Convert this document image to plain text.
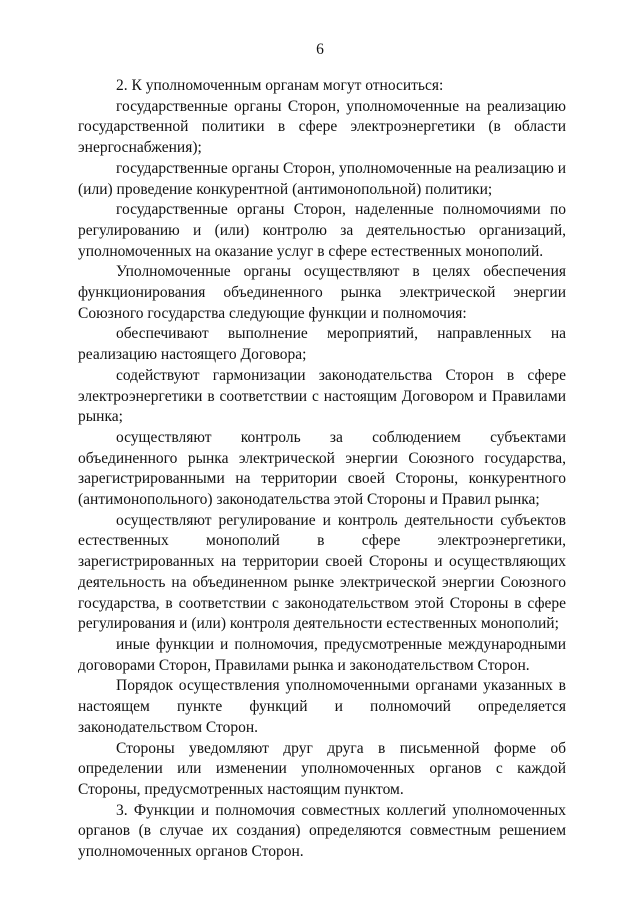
6

2. К уполномоченным органам могут относиться:

государственные органы Сторон, уполномоченные на реализацию государственной политики в сфере электроэнергетики (в области энергоснабжения);

государственные органы Сторон, уполномоченные на реализацию и (или) проведение конкурентной (антимонопольной) политики;

государственные органы Сторон, наделенные полномочиями по регулированию и (или) контролю за деятельностью организаций, уполномоченных на оказание услуг в сфере естественных монополий.

Уполномоченные органы осуществляют в целях обеспечения функционирования объединенного рынка электрической энергии Союзного государства следующие функции и полномочия:

обеспечивают выполнение мероприятий, направленных на реализацию настоящего Договора;

содействуют гармонизации законодательства Сторон в сфере электроэнергетики в соответствии с настоящим Договором и Правилами рынка;

осуществляют контроль за соблюдением субъектами объединенного рынка электрической энергии Союзного государства, зарегистрированными на территории своей Стороны, конкурентного (антимонопольного) законодательства этой Стороны и Правил рынка;

осуществляют регулирование и контроль деятельности субъектов естественных монополий в сфере электроэнергетики, зарегистрированных на территории своей Стороны и осуществляющих деятельность на объединенном рынке электрической энергии Союзного государства, в соответствии с законодательством этой Стороны в сфере регулирования и (или) контроля деятельности естественных монополий;

иные функции и полномочия, предусмотренные международными договорами Сторон, Правилами рынка и законодательством Сторон.

Порядок осуществления уполномоченными органами указанных в настоящем пункте функций и полномочий определяется законодательством Сторон.

Стороны уведомляют друг друга в письменной форме об определении или изменении уполномоченных органов с каждой Стороны, предусмотренных настоящим пунктом.

3. Функции и полномочия совместных коллегий уполномоченных органов (в случае их создания) определяются совместным решением уполномоченных органов Сторон.
